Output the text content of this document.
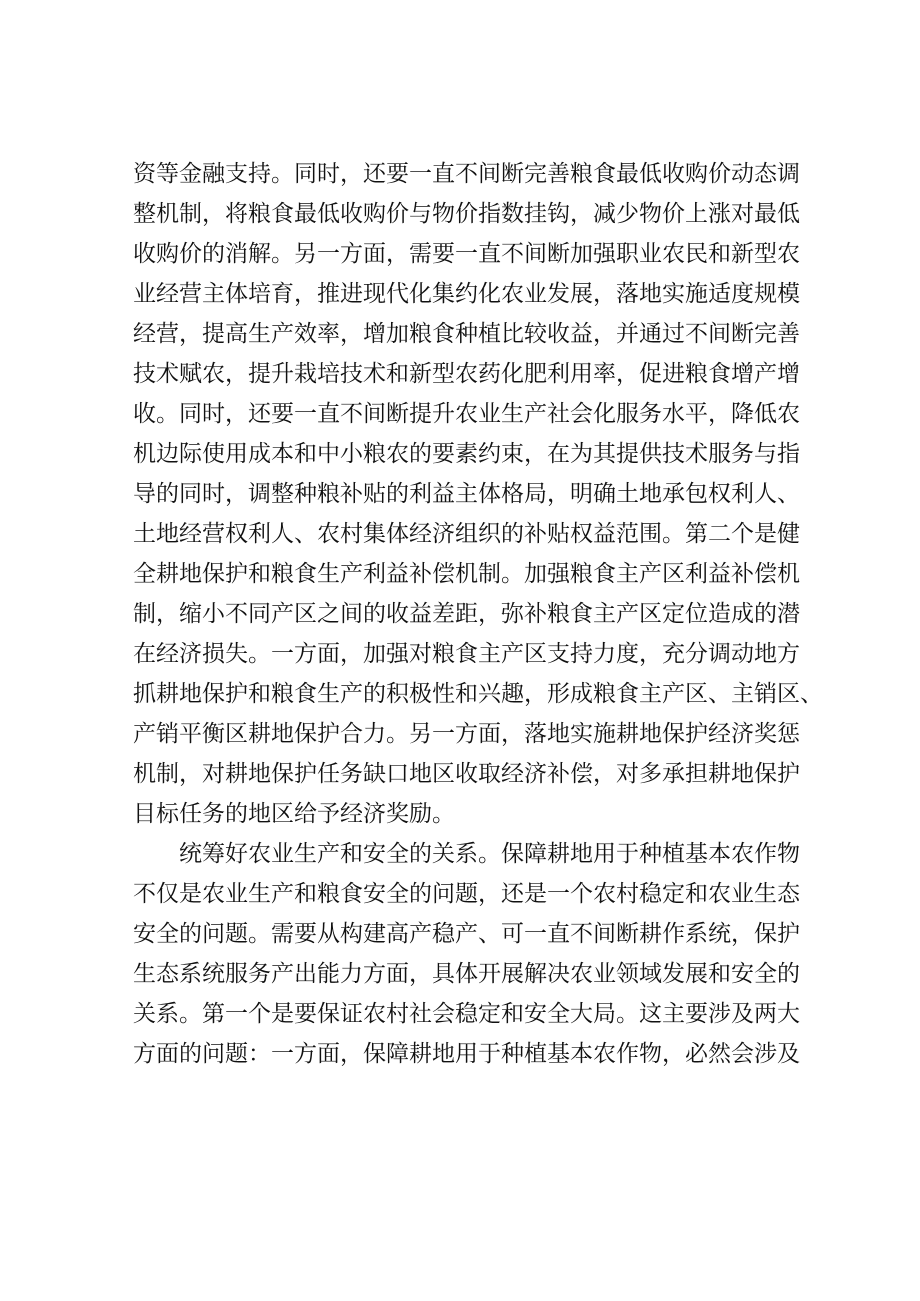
资等金融支持。同时，还要一直不间断完善粮食最低收购价动态调
整机制，将粮食最低收购价与物价指数挂钩，减少物价上涨对最低
收购价的消解。另一方面，需要一直不间断加强职业农民和新型农
业经营主体培育，推进现代化集约化农业发展，落地实施适度规模
经营，提高生产效率，增加粮食种植比较收益，并通过不间断完善
技术赋农，提升栽培技术和新型农药化肥利用率，促进粮食增产增
收。同时，还要一直不间断提升农业生产社会化服务水平，降低农
机边际使用成本和中小粮农的要素约束，在为其提供技术服务与指
导的同时，调整种粮补贴的利益主体格局，明确土地承包权利人、
土地经营权利人、农村集体经济组织的补贴权益范围。第二个是健
全耕地保护和粮食生产利益补偿机制。加强粮食主产区利益补偿机
制，缩小不同产区之间的收益差距，弥补粮食主产区定位造成的潜
在经济损失。一方面，加强对粮食主产区支持力度，充分调动地方
抓耕地保护和粮食生产的积极性和兴趣，形成粮食主产区、主销区、
产销平衡区耕地保护合力。另一方面，落地实施耕地保护经济奖惩
机制，对耕地保护任务缺口地区收取经济补偿，对多承担耕地保护
目标任务的地区给予经济奖励。
统筹好农业生产和安全的关系。保障耕地用于种植基本农作物
不仅是农业生产和粮食安全的问题，还是一个农村稳定和农业生态
安全的问题。需要从构建高产稳产、可一直不间断耕作系统，保护
生态系统服务产出能力方面，具体开展解决农业领域发展和安全的
关系。第一个是要保证农村社会稳定和安全大局。这主要涉及两大
方面的问题：一方面，保障耕地用于种植基本农作物，必然会涉及
